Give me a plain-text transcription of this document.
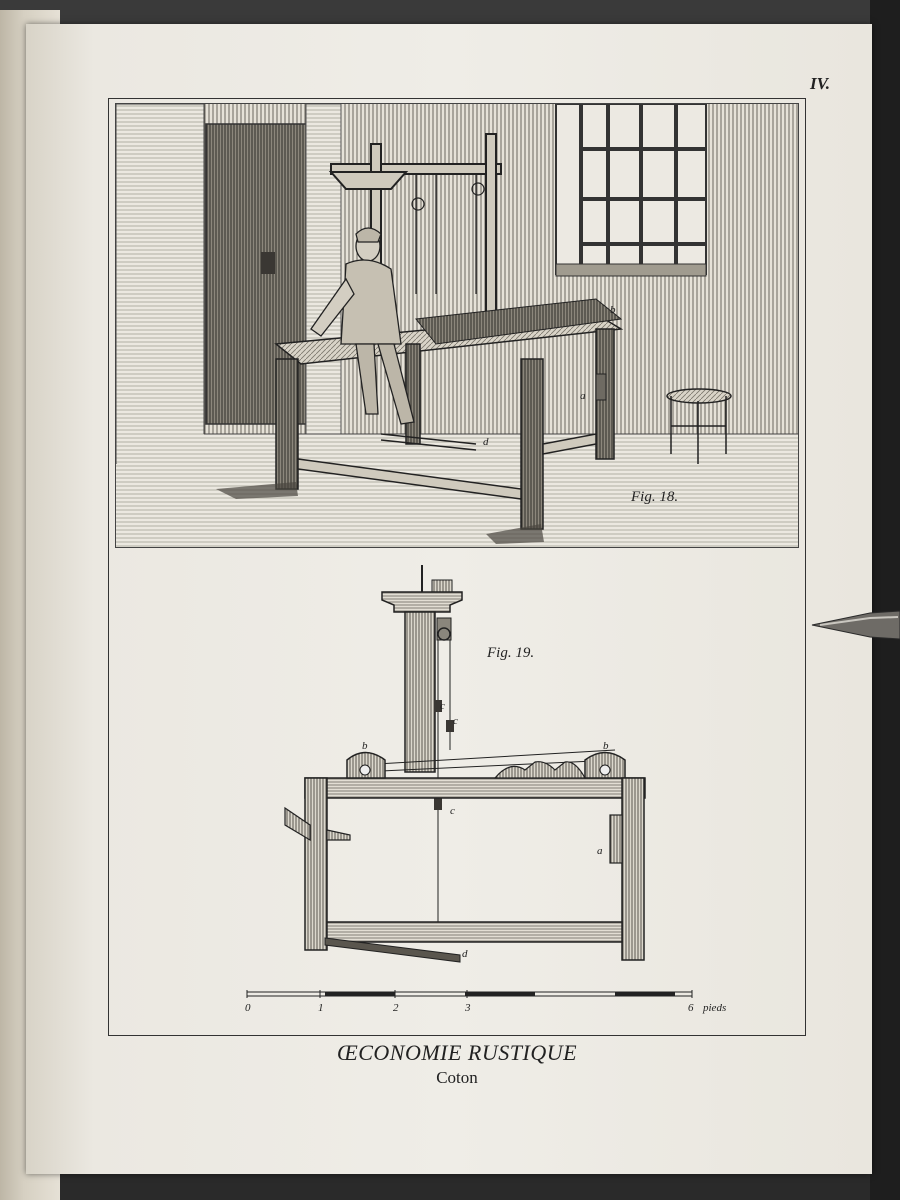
IV.
a
b
d
Fig. 18.
Fig. 19.
b	b
c
c
c
a
d
0	1	2	3	6 pieds
ŒCONOMIE RUSTIQUE
Coton
